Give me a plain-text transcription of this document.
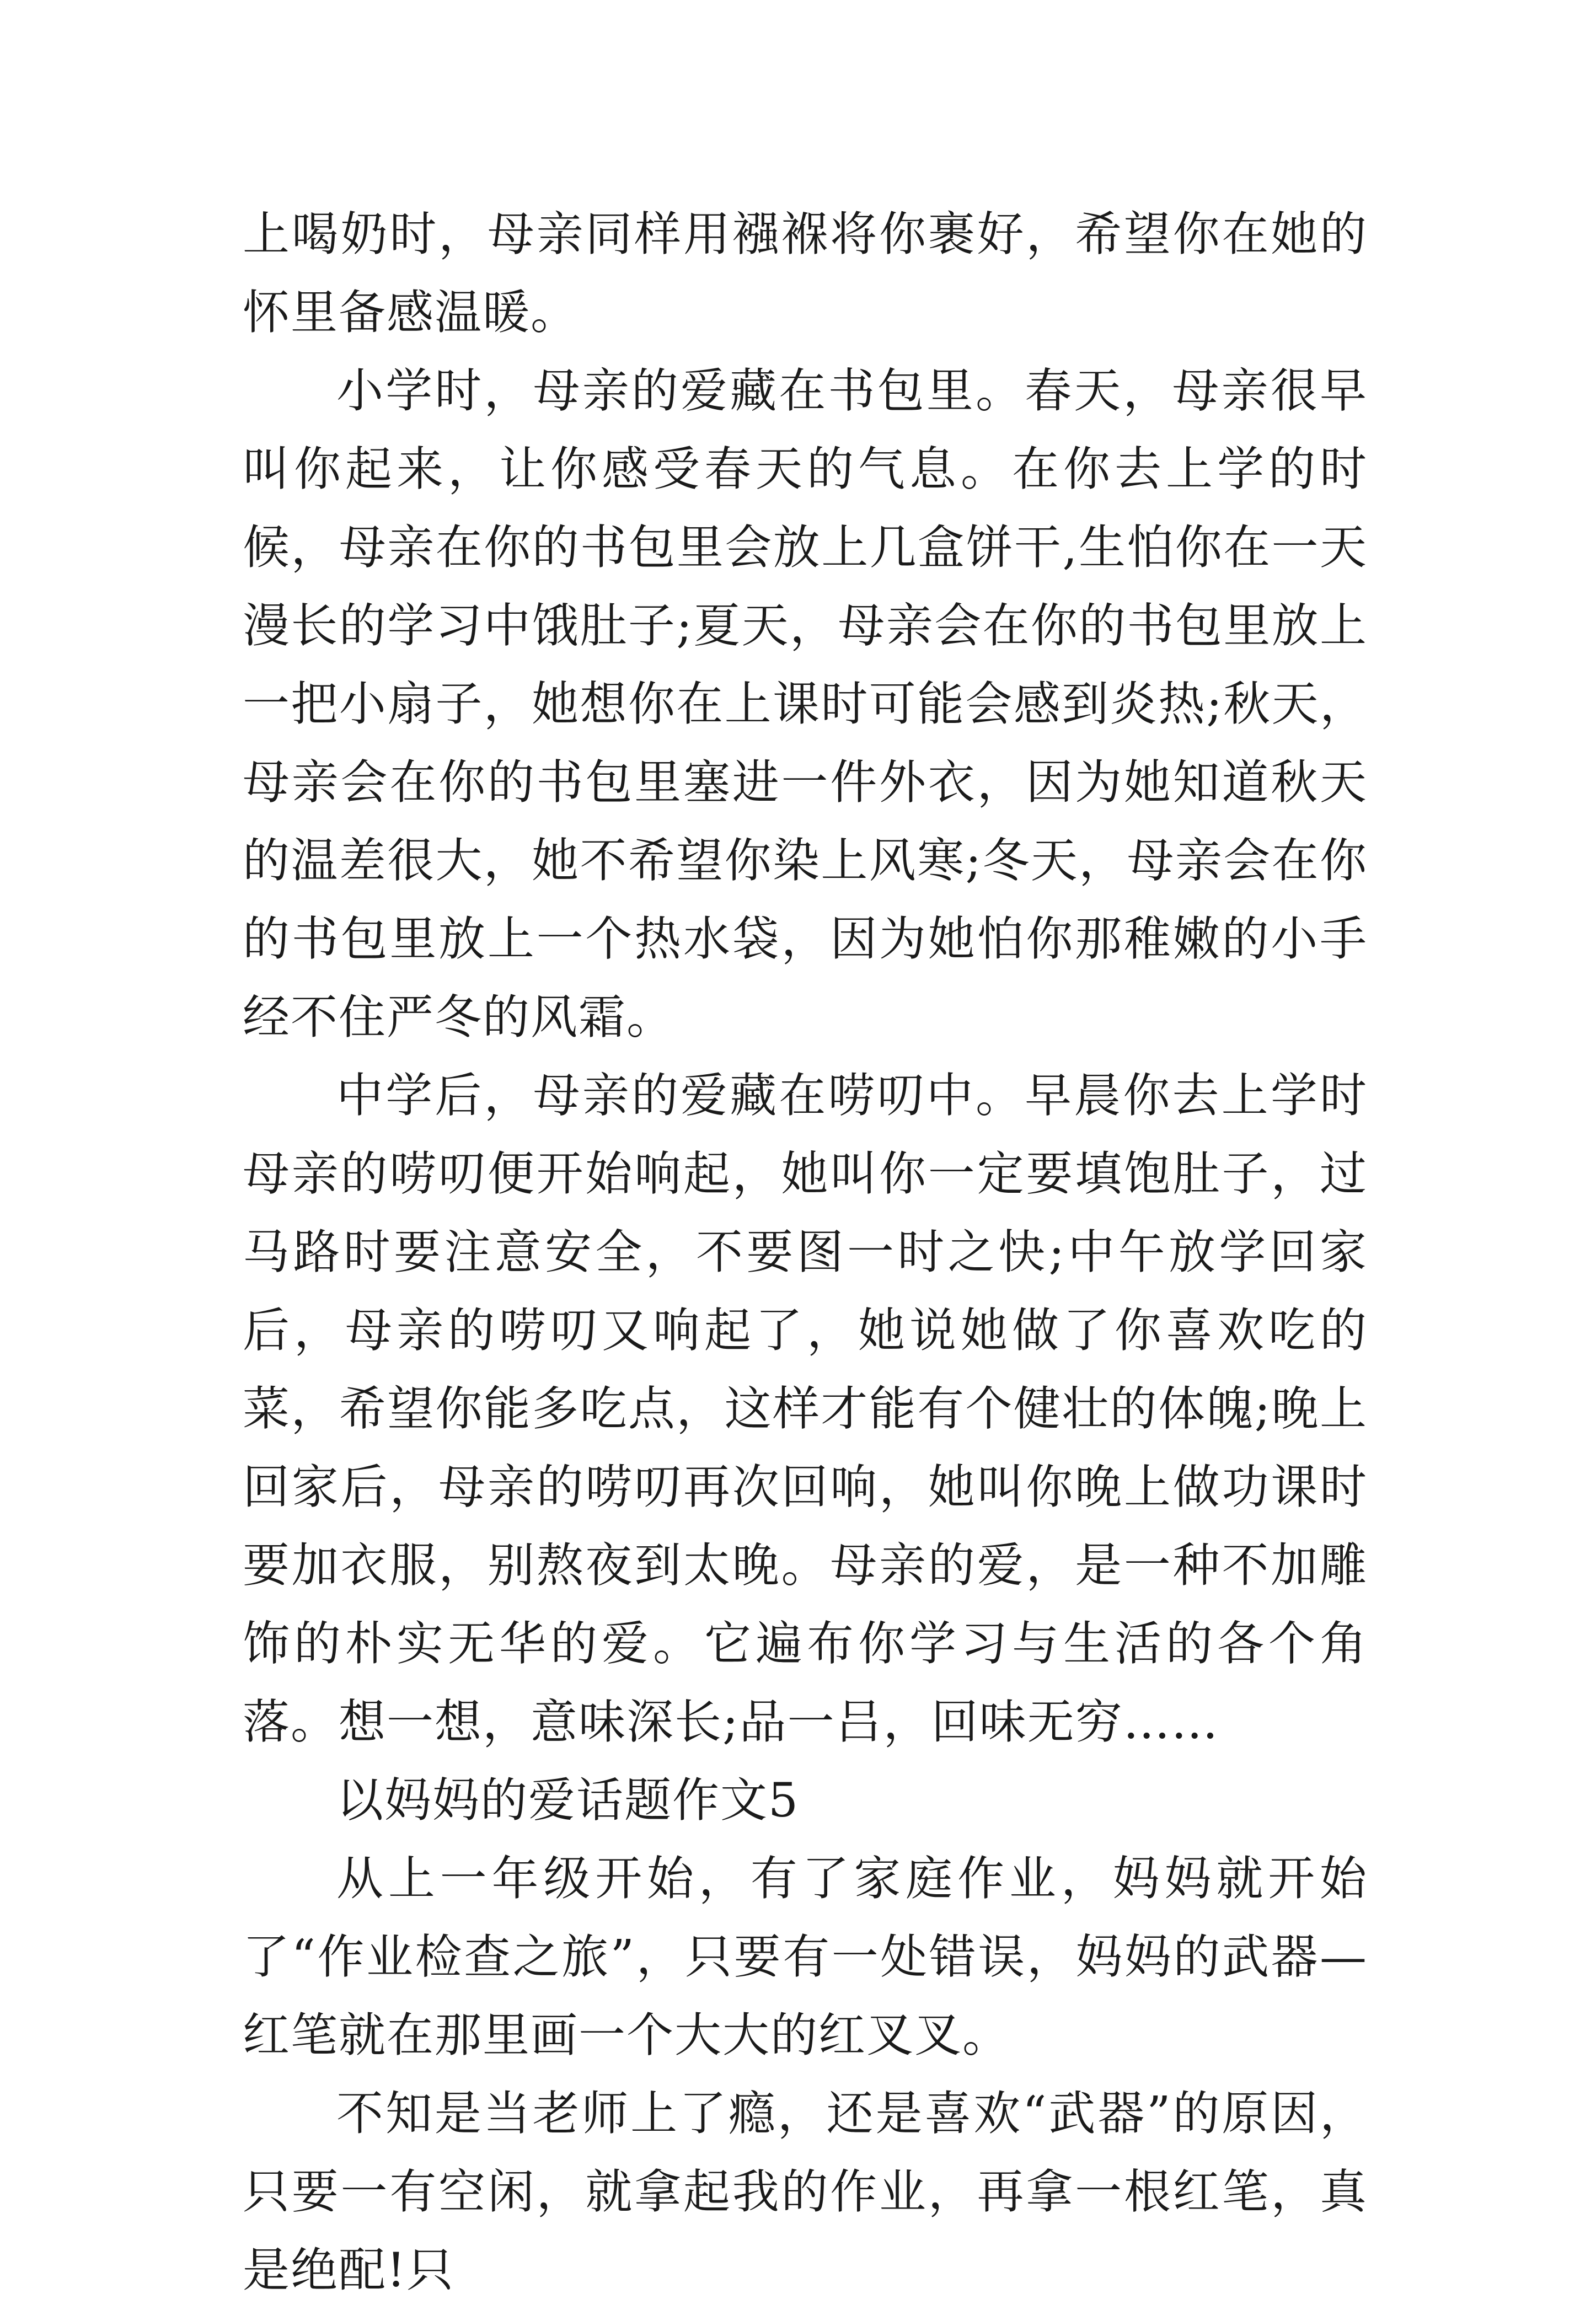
上喝奶时，母亲同样用襁褓将你裹好，希望你在她的怀里备感温暖。

小学时，母亲的爱藏在书包里。春天，母亲很早叫你起来，让你感受春天的气息。在你去上学的时候，母亲在你的书包里会放上几盒饼干,生怕你在一天漫长的学习中饿肚子;夏天，母亲会在你的书包里放上一把小扇子，她想你在上课时可能会感到炎热;秋天，母亲会在你的书包里塞进一件外衣，因为她知道秋天的温差很大，她不希望你染上风寒;冬天，母亲会在你的书包里放上一个热水袋，因为她怕你那稚嫩的小手经不住严冬的风霜。

中学后，母亲的爱藏在唠叨中。早晨你去上学时母亲的唠叨便开始响起，她叫你一定要填饱肚子，过马路时要注意安全，不要图一时之快;中午放学回家后，母亲的唠叨又响起了，她说她做了你喜欢吃的菜，希望你能多吃点，这样才能有个健壮的体魄;晚上回家后，母亲的唠叨再次回响，她叫你晚上做功课时要加衣服，别熬夜到太晚。母亲的爱，是一种不加雕饰的朴实无华的爱。它遍布你学习与生活的各个角落。想一想，意味深长;品一吕，回味无穷……

以妈妈的爱话题作文5

从上一年级开始，有了家庭作业，妈妈就开始了“作业检查之旅”，只要有一处错误，妈妈的武器—红笔就在那里画一个大大的红叉叉。

不知是当老师上了瘾，还是喜欢“武器”的原因，只要一有空闲，就拿起我的作业，再拿一根红笔，真是绝配!只
